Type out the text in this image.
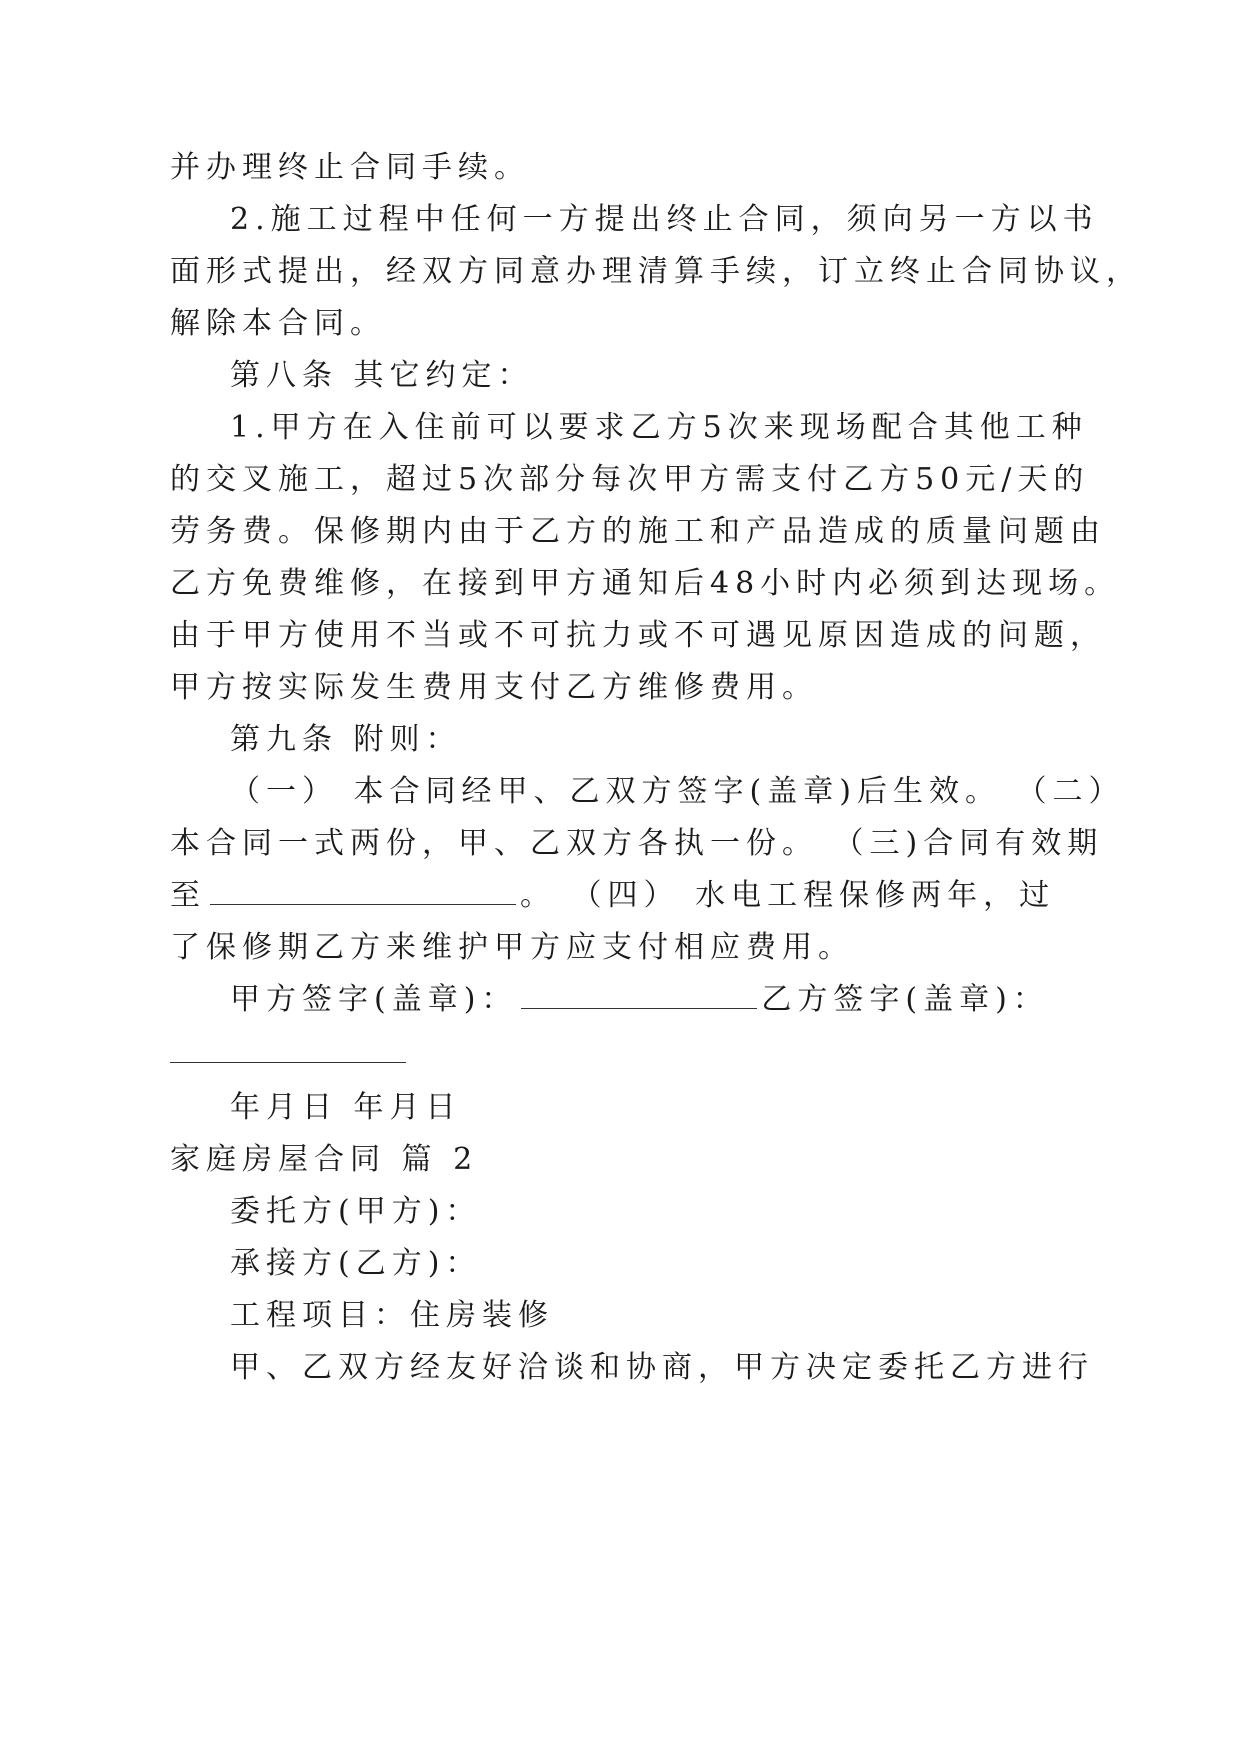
并办理终止合同手续。
2.施工过程中任何一方提出终止合同，须向另一方以书
面形式提出，经双方同意办理清算手续，订立终止合同协议，
解除本合同。
第八条 其它约定：
1.甲方在入住前可以要求乙方5次来现场配合其他工种
的交叉施工，超过5次部分每次甲方需支付乙方50元/天的
劳务费。保修期内由于乙方的施工和产品造成的质量问题由
乙方免费维修，在接到甲方通知后48小时内必须到达现场。
由于甲方使用不当或不可抗力或不可遇见原因造成的问题，
甲方按实际发生费用支付乙方维修费用。
第九条 附则：
（一） 本合同经甲、乙双方签字(盖章)后生效。 （二）
本合同一式两份，甲、乙双方各执一份。 （三)合同有效期
至	。 （四） 水电工程保修两年，过
了保修期乙方来维护甲方应支付相应费用。
甲方签字(盖章)：	乙方签字(盖章)：
年月日 年月日
家庭房屋合同 篇 2
委托方(甲方)：
承接方(乙方)：
工程项目：住房装修
甲、乙双方经友好洽谈和协商，甲方决定委托乙方进行
